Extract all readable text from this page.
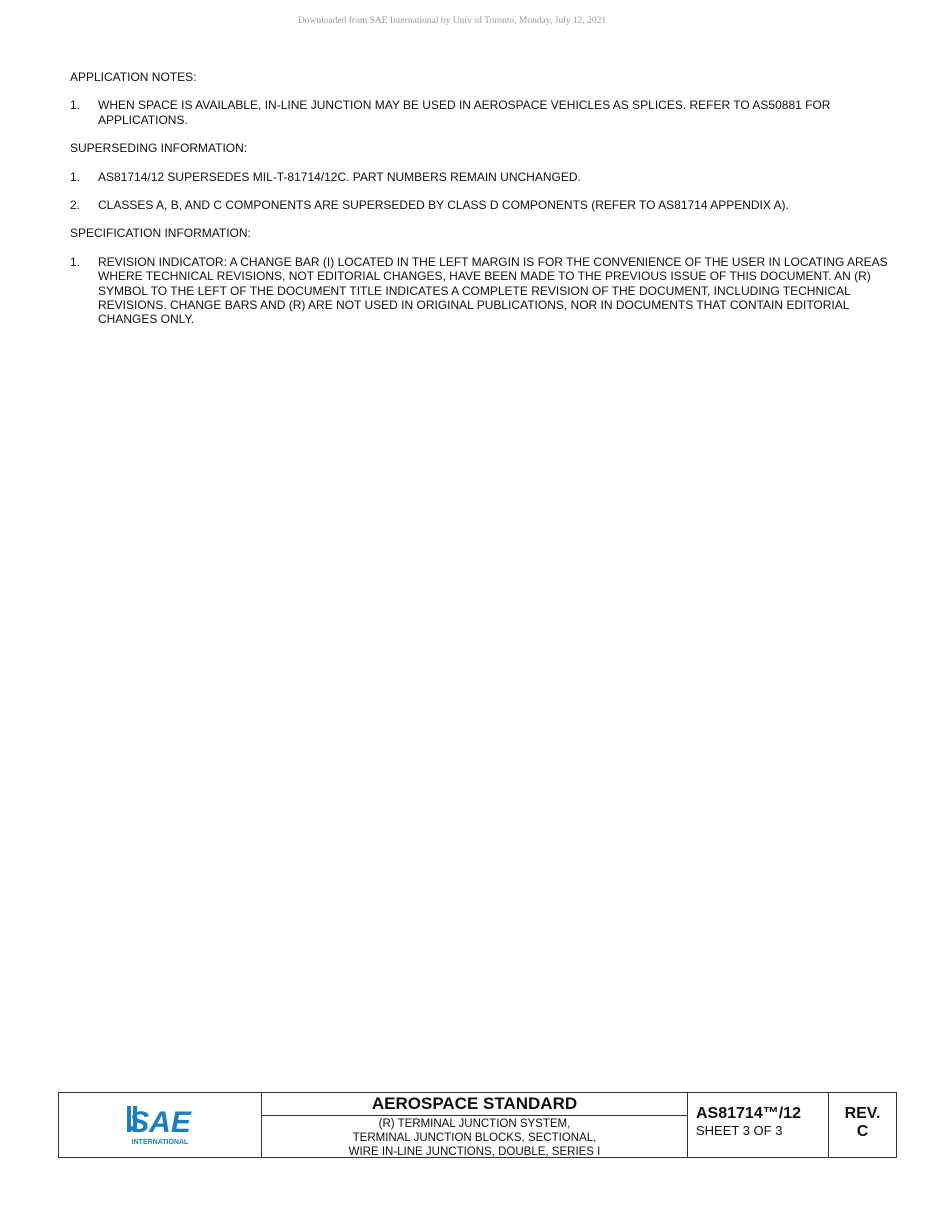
Downloaded from SAE International by Univ of Toronto, Monday, July 12, 2021
APPLICATION NOTES:
1.	WHEN SPACE IS AVAILABLE, IN-LINE JUNCTION MAY BE USED IN AEROSPACE VEHICLES AS SPLICES. REFER TO AS50881 FOR APPLICATIONS.
SUPERSEDING INFORMATION:
1.	AS81714/12 SUPERSEDES MIL-T-81714/12C. PART NUMBERS REMAIN UNCHANGED.
2.	CLASSES A, B, AND C COMPONENTS ARE SUPERSEDED BY CLASS D COMPONENTS (REFER TO AS81714 APPENDIX A).
SPECIFICATION INFORMATION:
1.	REVISION INDICATOR: A CHANGE BAR (I) LOCATED IN THE LEFT MARGIN IS FOR THE CONVENIENCE OF THE USER IN LOCATING AREAS WHERE TECHNICAL REVISIONS, NOT EDITORIAL CHANGES, HAVE BEEN MADE TO THE PREVIOUS ISSUE OF THIS DOCUMENT. AN (R) SYMBOL TO THE LEFT OF THE DOCUMENT TITLE INDICATES A COMPLETE REVISION OF THE DOCUMENT, INCLUDING TECHNICAL REVISIONS. CHANGE BARS AND (R) ARE NOT USED IN ORIGINAL PUBLICATIONS, NOR IN DOCUMENTS THAT CONTAIN EDITORIAL CHANGES ONLY.
SAE
INTERNATIONAL
AEROSPACE STANDARD
(R) TERMINAL JUNCTION SYSTEM,
TERMINAL JUNCTION BLOCKS, SECTIONAL,
WIRE IN-LINE JUNCTIONS, DOUBLE, SERIES I
AS81714™/12
SHEET 3 OF 3
REV.
C
